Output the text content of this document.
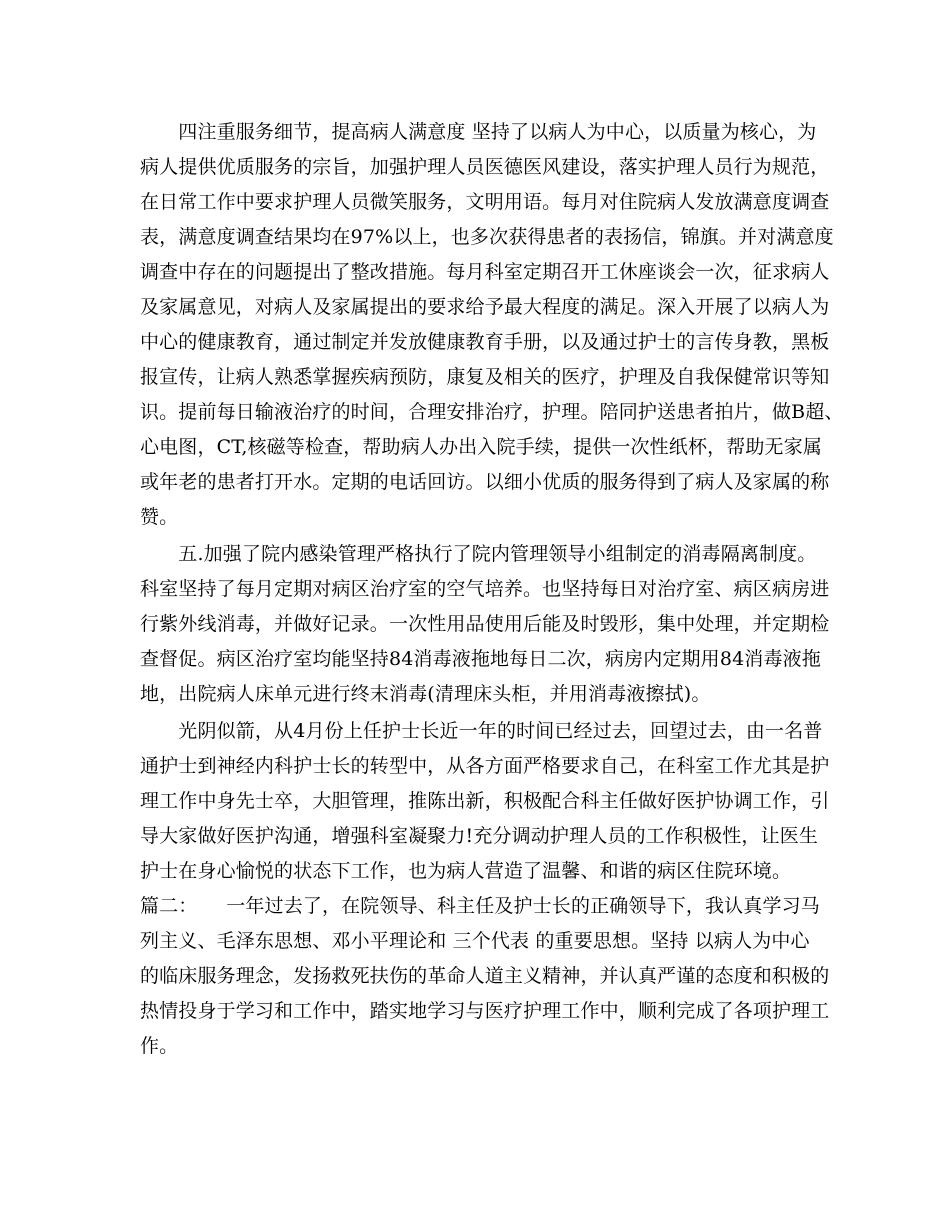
　　四注重服务细节，提高病人满意度 坚持了以病人为中心，以质量为核心，为
病人提供优质服务的宗旨，加强护理人员医德医风建设，落实护理人员行为规范，
在日常工作中要求护理人员微笑服务，文明用语。每月对住院病人发放满意度调查
表，满意度调查结果均在97%以上，也多次获得患者的表扬信，锦旗。并对满意度
调查中存在的问题提出了整改措施。每月科室定期召开工休座谈会一次，征求病人
及家属意见，对病人及家属提出的要求给予最大程度的满足。深入开展了以病人为
中心的健康教育，通过制定并发放健康教育手册，以及通过护士的言传身教，黑板
报宣传，让病人熟悉掌握疾病预防，康复及相关的医疗，护理及自我保健常识等知
识。提前每日输液治疗的时间，合理安排治疗，护理。陪同护送患者拍片，做B超、
心电图，CT,核磁等检查，帮助病人办出入院手续，提供一次性纸杯，帮助无家属
或年老的患者打开水。定期的电话回访。以细小优质的服务得到了病人及家属的称
赞。
　　五.加强了院内感染管理严格执行了院内管理领导小组制定的消毒隔离制度。
科室坚持了每月定期对病区治疗室的空气培养。也坚持每日对治疗室、病区病房进
行紫外线消毒，并做好记录。一次性用品使用后能及时毁形，集中处理，并定期检
查督促。病区治疗室均能坚持84消毒液拖地每日二次，病房内定期用84消毒液拖
地，出院病人床单元进行终末消毒(清理床头柜，并用消毒液擦拭)。
　　光阴似箭，从4月份上任护士长近一年的时间已经过去，回望过去，由一名普
通护士到神经内科护士长的转型中，从各方面严格要求自己，在科室工作尤其是护
理工作中身先士卒，大胆管理，推陈出新，积极配合科主任做好医护协调工作，引
导大家做好医护沟通，增强科室凝聚力!充分调动护理人员的工作积极性，让医生
护士在身心愉悦的状态下工作，也为病人营造了温馨、和谐的病区住院环境。
篇二：　　一年过去了，在院领导、科主任及护士长的正确领导下，我认真学习马
列主义、毛泽东思想、邓小平理论和 三个代表 的重要思想。坚持 以病人为中心
的临床服务理念，发扬救死扶伤的革命人道主义精神，并认真严谨的态度和积极的
热情投身于学习和工作中，踏实地学习与医疗护理工作中，顺利完成了各项护理工
作。
